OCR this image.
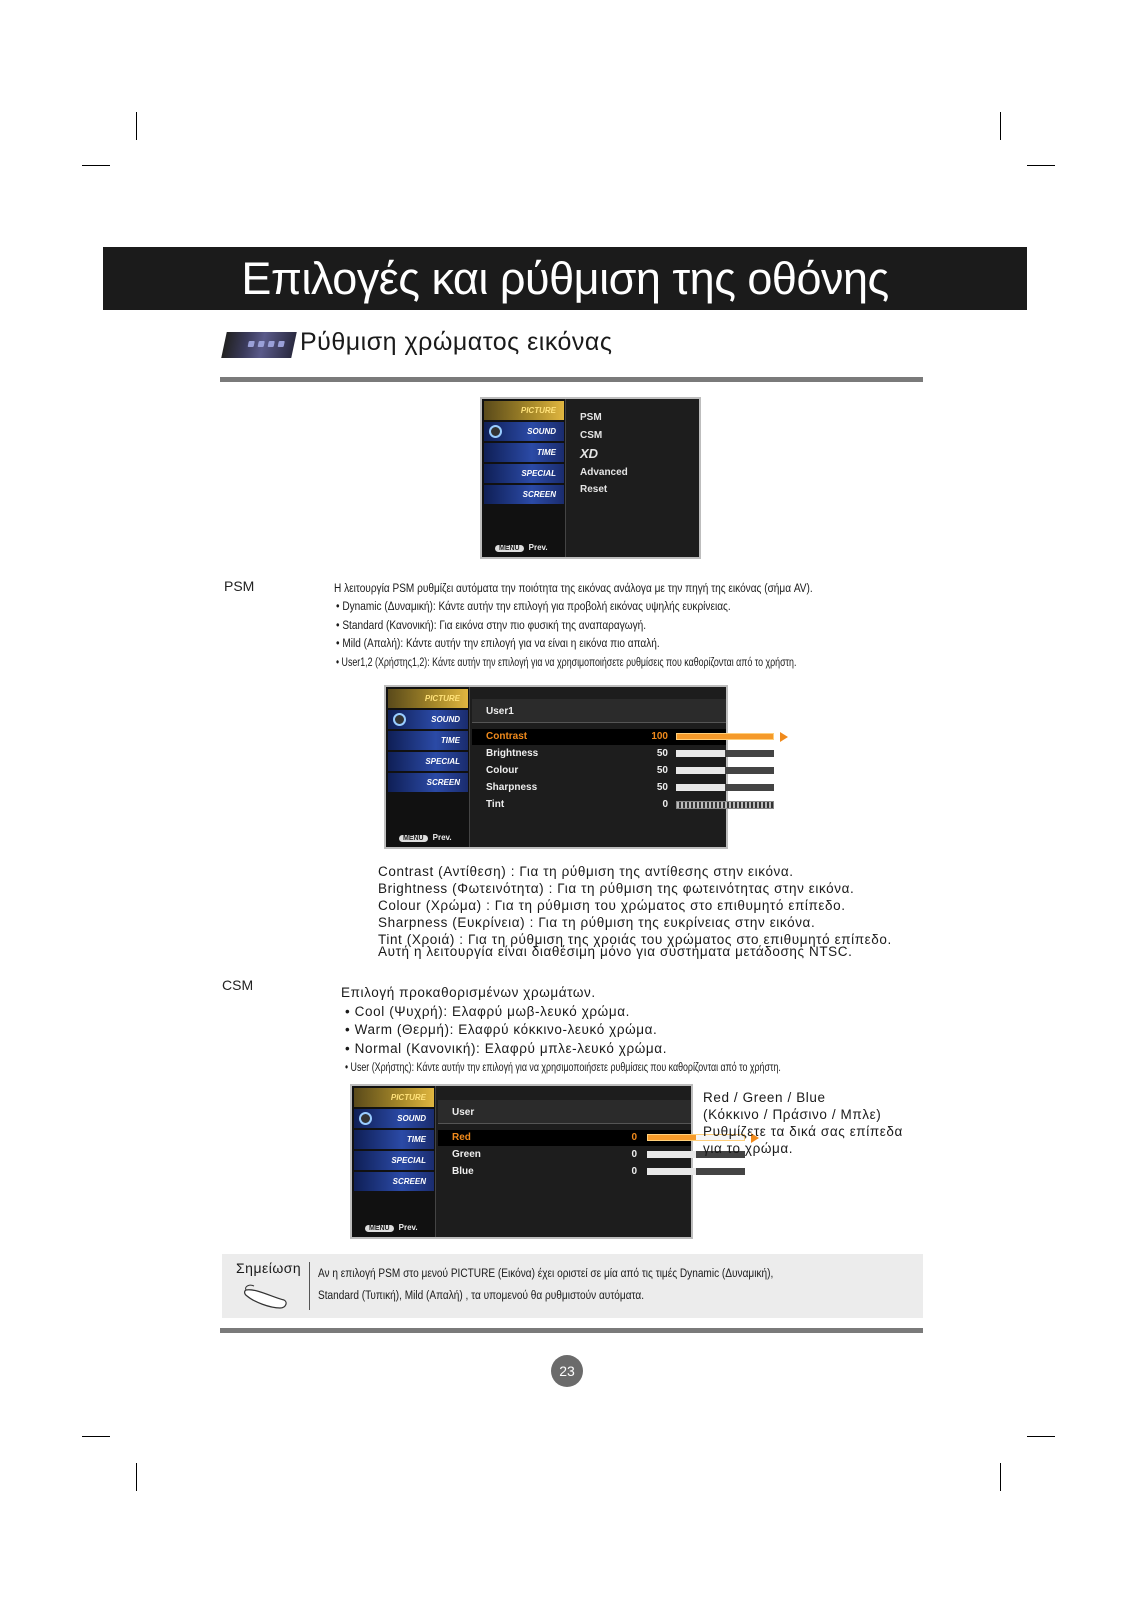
Επιλογές και ρύθμιση της οθόνης
Ρύθμιση χρώματος εικόνας
PICTURE
SOUND
TIME
SPECIAL
SCREEN
MENU Prev.
PSM
CSM
XD
Advanced
Reset
PSM	Η λειτουργία PSM ρυθμίζει αυτόματα την ποιότητα της εικόνας ανάλογα με την πηγή της εικόνας (σήμα AV).
• Dynamic (Δυναμική): Κάντε αυτήν την επιλογή για προβολή εικόνας υψηλής ευκρίνειας.
• Standard (Κανονική): Για εικόνα στην πιο φυσική της αναπαραγωγή.
• Mild (Απαλή): Κάντε αυτήν την επιλογή για να είναι η εικόνα πιο απαλή.
• User1,2 (Χρήστης1,2): Κάντε αυτήν την επιλογή για να χρησιμοποιήσετε ρυθμίσεις που καθορίζονται από το χρήστη.
PICTURE
SOUND
TIME
SPECIAL
SCREEN
MENU Prev.
User1
Contrast	100
Brightness	50
Colour	50
Sharpness	50
Tint	0
Contrast (Αντίθεση) : Για τη ρύθμιση της αντίθεσης στην εικόνα.
Brightness (Φωτεινότητα) : Για τη ρύθμιση της φωτεινότητας στην εικόνα.
Colour (Χρώμα) : Για τη ρύθμιση του χρώματος στο επιθυμητό επίπεδο.
Sharpness (Ευκρίνεια) : Για τη ρύθμιση της ευκρίνειας στην εικόνα.
Tint (Χροιά) : Για τη ρύθμιση της χροιάς του χρώματος στο επιθυμητό επίπεδο.
Αυτή η λειτουργία είναι διαθέσιμη μόνο για συστήματα μετάδοσης NTSC.
CSM	Επιλογή προκαθορισμένων χρωμάτων.
• Cool (Ψυχρή): Ελαφρύ μωβ-λευκό χρώμα.
• Warm (Θερμή): Ελαφρύ κόκκινο-λευκό χρώμα.
• Normal (Κανονική): Ελαφρύ μπλε-λευκό χρώμα.
• User (Χρήστης): Κάντε αυτήν την επιλογή για να χρησιμοποιήσετε ρυθμίσεις που καθορίζονται από το χρήστη.
PICTURE
SOUND
TIME
SPECIAL
SCREEN
MENU Prev.
User
Red	0
Green	0
Blue	0
Red / Green / Blue
(Κόκκινο / Πράσινο / Μπλε)
Ρυθμίζετε τα δικά σας επίπεδα
για το χρώμα.
Σημείωση Αν η επιλογή PSM στο μενού PICTURE (Εικόνα) έχει οριστεί σε μία από τις τιμές Dynamic (Δυναμική),
Standard (Τυπική), Mild (Απαλή) , τα υπομενού θα ρυθμιστούν αυτόματα.
23
